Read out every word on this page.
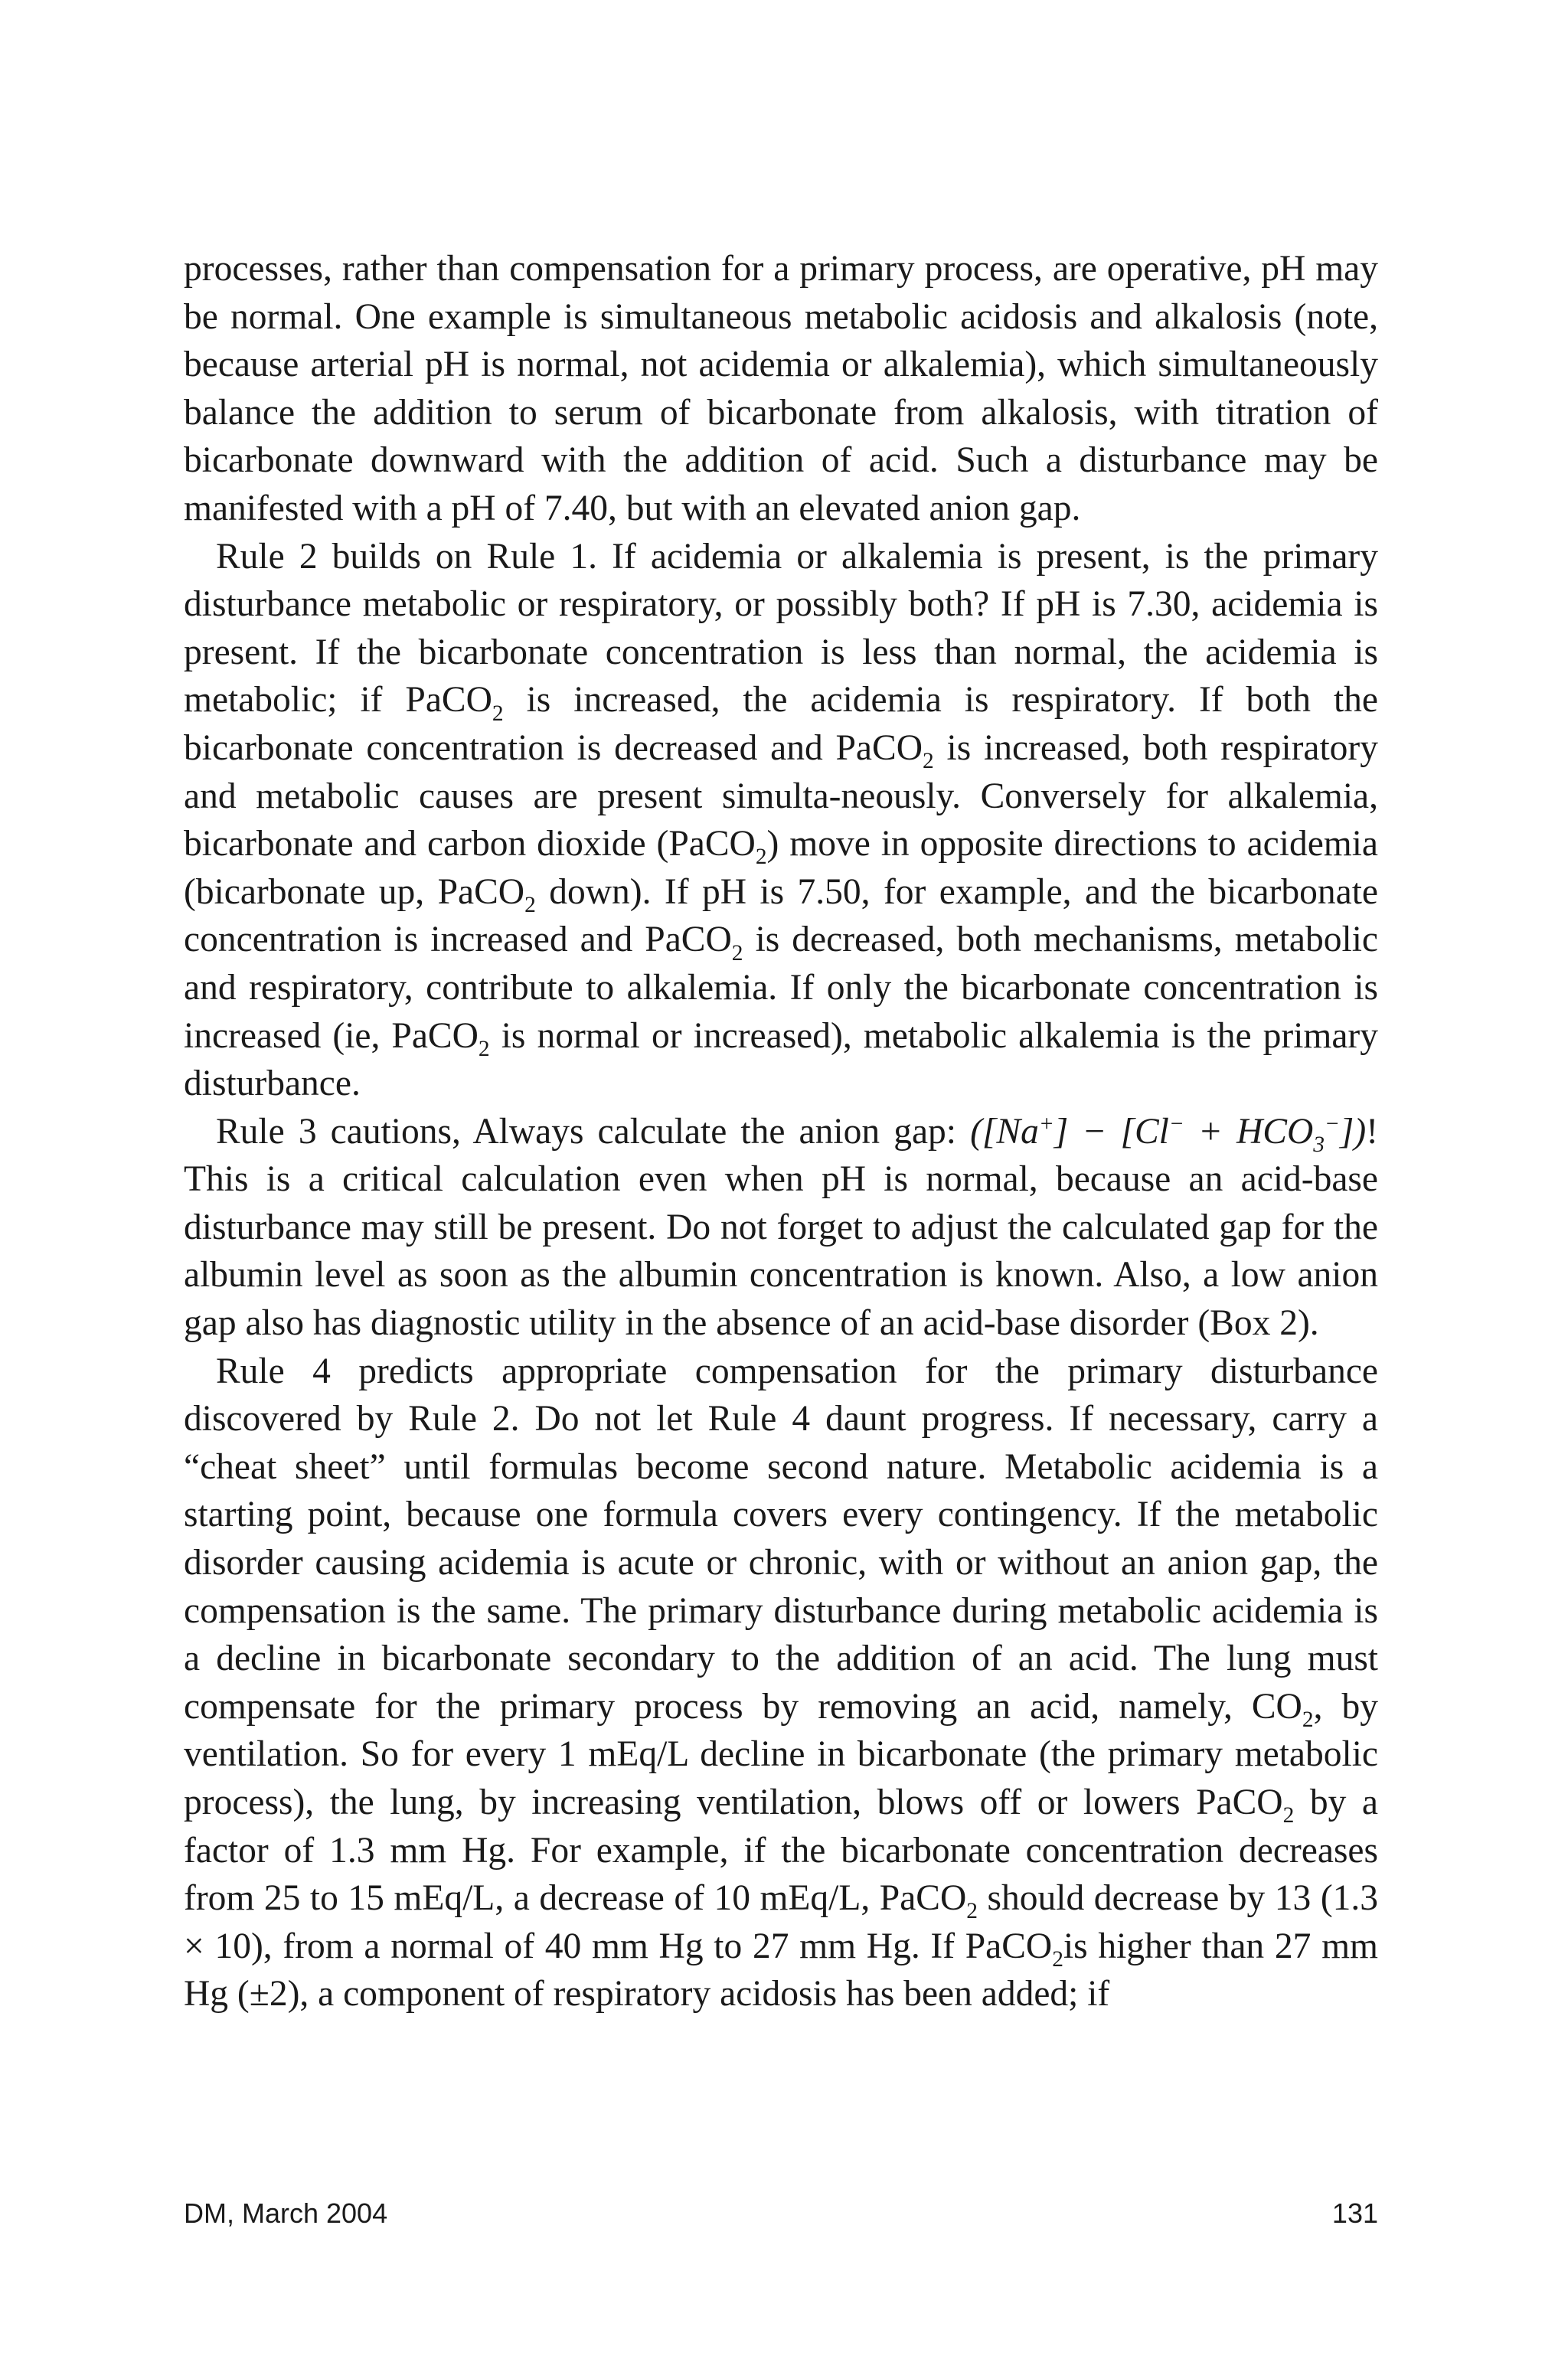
processes, rather than compensation for a primary process, are operative, pH may be normal. One example is simultaneous metabolic acidosis and alkalosis (note, because arterial pH is normal, not acidemia or alkalemia), which simultaneously balance the addition to serum of bicarbonate from alkalosis, with titration of bicarbonate downward with the addition of acid. Such a disturbance may be manifested with a pH of 7.40, but with an elevated anion gap.

Rule 2 builds on Rule 1. If acidemia or alkalemia is present, is the primary disturbance metabolic or respiratory, or possibly both? If pH is 7.30, acidemia is present. If the bicarbonate concentration is less than normal, the acidemia is metabolic; if PaCO$_2$ is increased, the acidemia is respiratory. If both the bicarbonate concentration is decreased and PaCO$_2$ is increased, both respiratory and metabolic causes are present simulta-neously. Conversely for alkalemia, bicarbonate and carbon dioxide (PaCO$_2$) move in opposite directions to acidemia (bicarbonate up, PaCO$_2$ down). If pH is 7.50, for example, and the bicarbonate concentration is increased and PaCO$_2$ is decreased, both mechanisms, metabolic and respiratory, contribute to alkalemia. If only the bicarbonate concentration is increased (ie, PaCO$_2$ is normal or increased), metabolic alkalemia is the primary disturbance.

Rule 3 cautions, Always calculate the anion gap: $([Na^+] - [Cl^- + HCO_3^-])$! This is a critical calculation even when pH is normal, because an acid-base disturbance may still be present. Do not forget to adjust the calculated gap for the albumin level as soon as the albumin concentration is known. Also, a low anion gap also has diagnostic utility in the absence of an acid-base disorder (Box 2).

Rule 4 predicts appropriate compensation for the primary disturbance discovered by Rule 2. Do not let Rule 4 daunt progress. If necessary, carry a “cheat sheet” until formulas become second nature. Metabolic acidemia is a starting point, because one formula covers every contingency. If the metabolic disorder causing acidemia is acute or chronic, with or without an anion gap, the compensation is the same. The primary disturbance during metabolic acidemia is a decline in bicarbonate secondary to the addition of an acid. The lung must compensate for the primary process by removing an acid, namely, $CO_2$, by ventilation. So for every 1 mEq/L decline in bicarbonate (the primary metabolic process), the lung, by increasing ventilation, blows off or lowers PaCO$_2$ by a factor of 1.3 mm Hg. For example, if the bicarbonate concentration decreases from 25 to 15 mEq/L, a decrease of 10 mEq/L, PaCO$_2$ should decrease by 13 (1.3 × 10), from a normal of 40 mm Hg to 27 mm Hg. If PaCO$_2$is higher than 27 mm Hg (±2), a component of respiratory acidosis has been added; if

DM, March 2004	131
